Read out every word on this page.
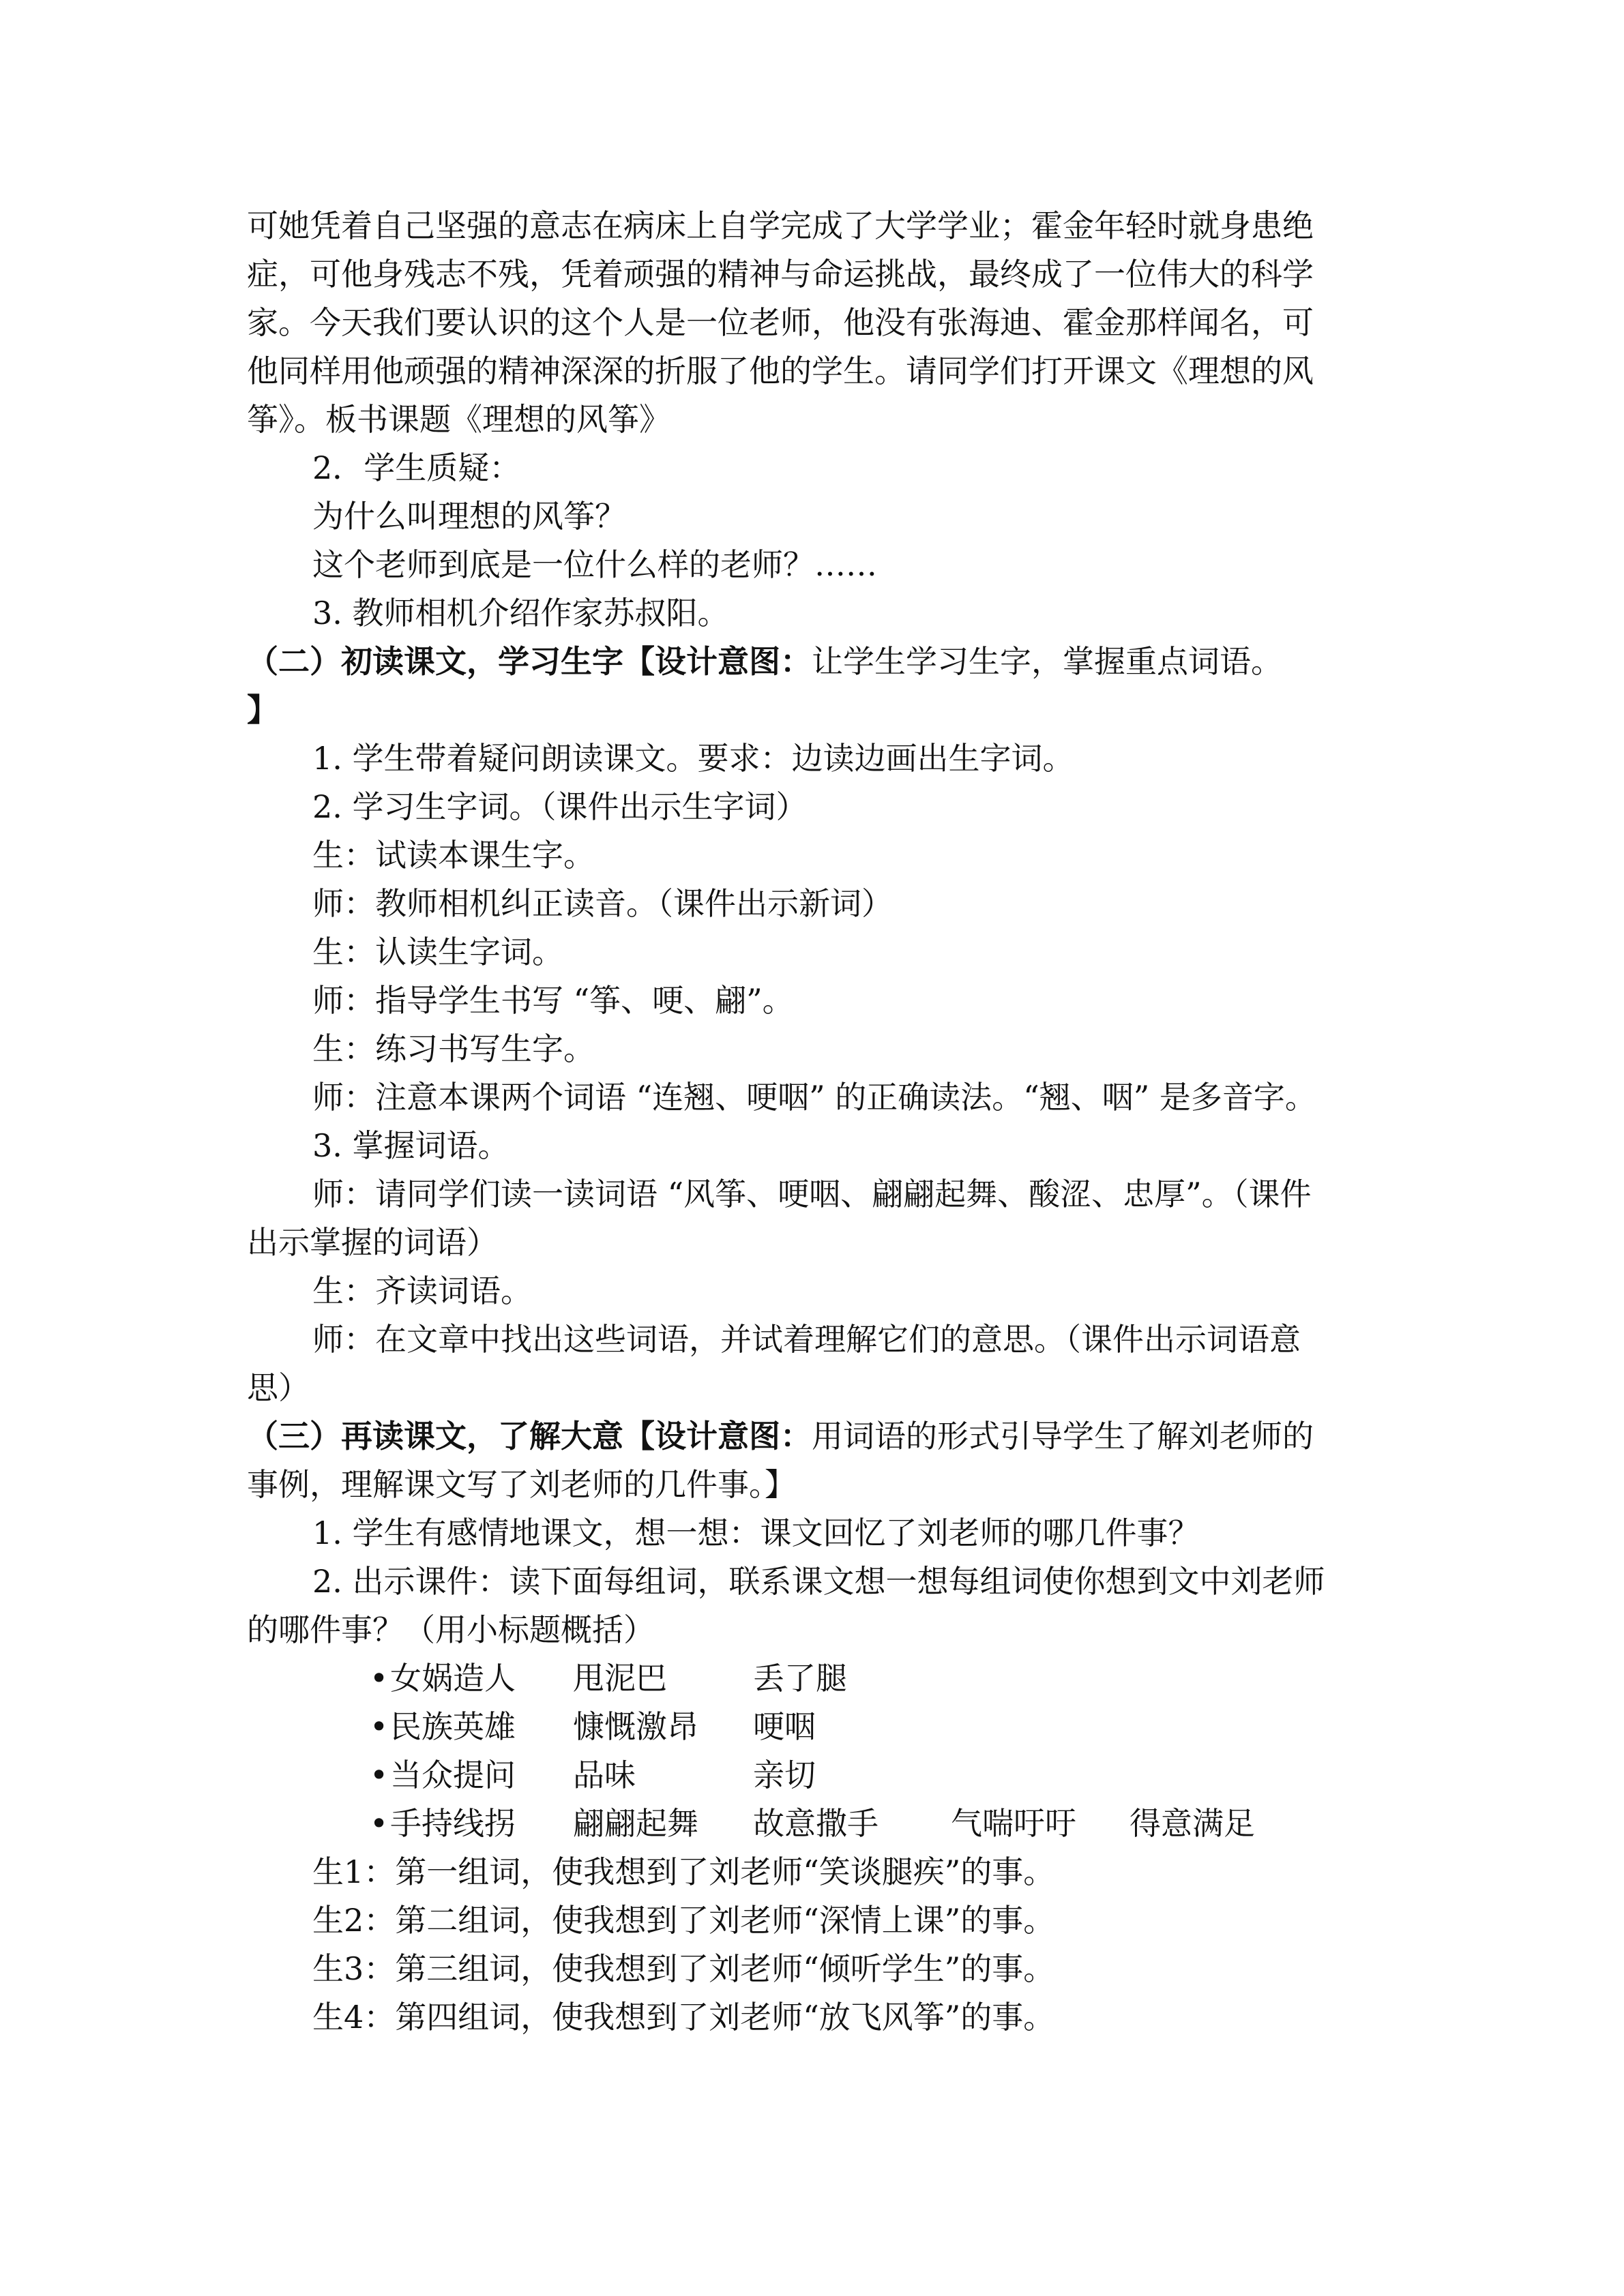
可她凭着自己坚强的意志在病床上自学完成了大学学业；霍金年轻时就身患绝
症，可他身残志不残，凭着顽强的精神与命运挑战，最终成了一位伟大的科学
家。今天我们要认识的这个人是一位老师，他没有张海迪、霍金那样闻名，可
他同样用他顽强的精神深深的折服了他的学生。请同学们打开课文《理想的风
筝》。板书课题《理想的风筝》
2．学生质疑：
为什么叫理想的风筝？
这个老师到底是一位什么样的老师？……
3. 教师相机介绍作家苏叔阳。
（二）初读课文，学习生字【设计意图：让学生学习生字，掌握重点词语。
】
1. 学生带着疑问朗读课文。要求：边读边画出生字词。
2. 学习生字词。（课件出示生字词）
生：试读本课生字。
师：教师相机纠正读音。（课件出示新词）
生：认读生字词。
师：指导学生书写 “筝、哽、翩”。
生：练习书写生字。
师：注意本课两个词语 “连翘、哽咽” 的正确读法。“翘、咽” 是多音字。
3. 掌握词语。
师：请同学们读一读词语 “风筝、哽咽、翩翩起舞、酸涩、忠厚”。（课件
出示掌握的词语）
生：齐读词语。
师：在文章中找出这些词语，并试着理解它们的意思。（课件出示词语意
思）
（三）再读课文，了解大意【设计意图：用词语的形式引导学生了解刘老师的
事例，理解课文写了刘老师的几件事。】
1. 学生有感情地课文，想一想：课文回忆了刘老师的哪几件事？
2. 出示课件：读下面每组词，联系课文想一想每组词使你想到文中刘老师
的哪件事？（用小标题概括）
• 女娲造人 甩泥巴	丢了腿
• 民族英雄 慷慨激昂 哽咽
• 当众提问 品味	亲切
• 手持线拐 翩翩起舞 故意撒手 气喘吁吁 得意满足
生1：第一组词，使我想到了刘老师“笑谈腿疾”的事。
生2：第二组词，使我想到了刘老师“深情上课”的事。
生3：第三组词，使我想到了刘老师“倾听学生”的事。
生4：第四组词，使我想到了刘老师“放飞风筝”的事。
